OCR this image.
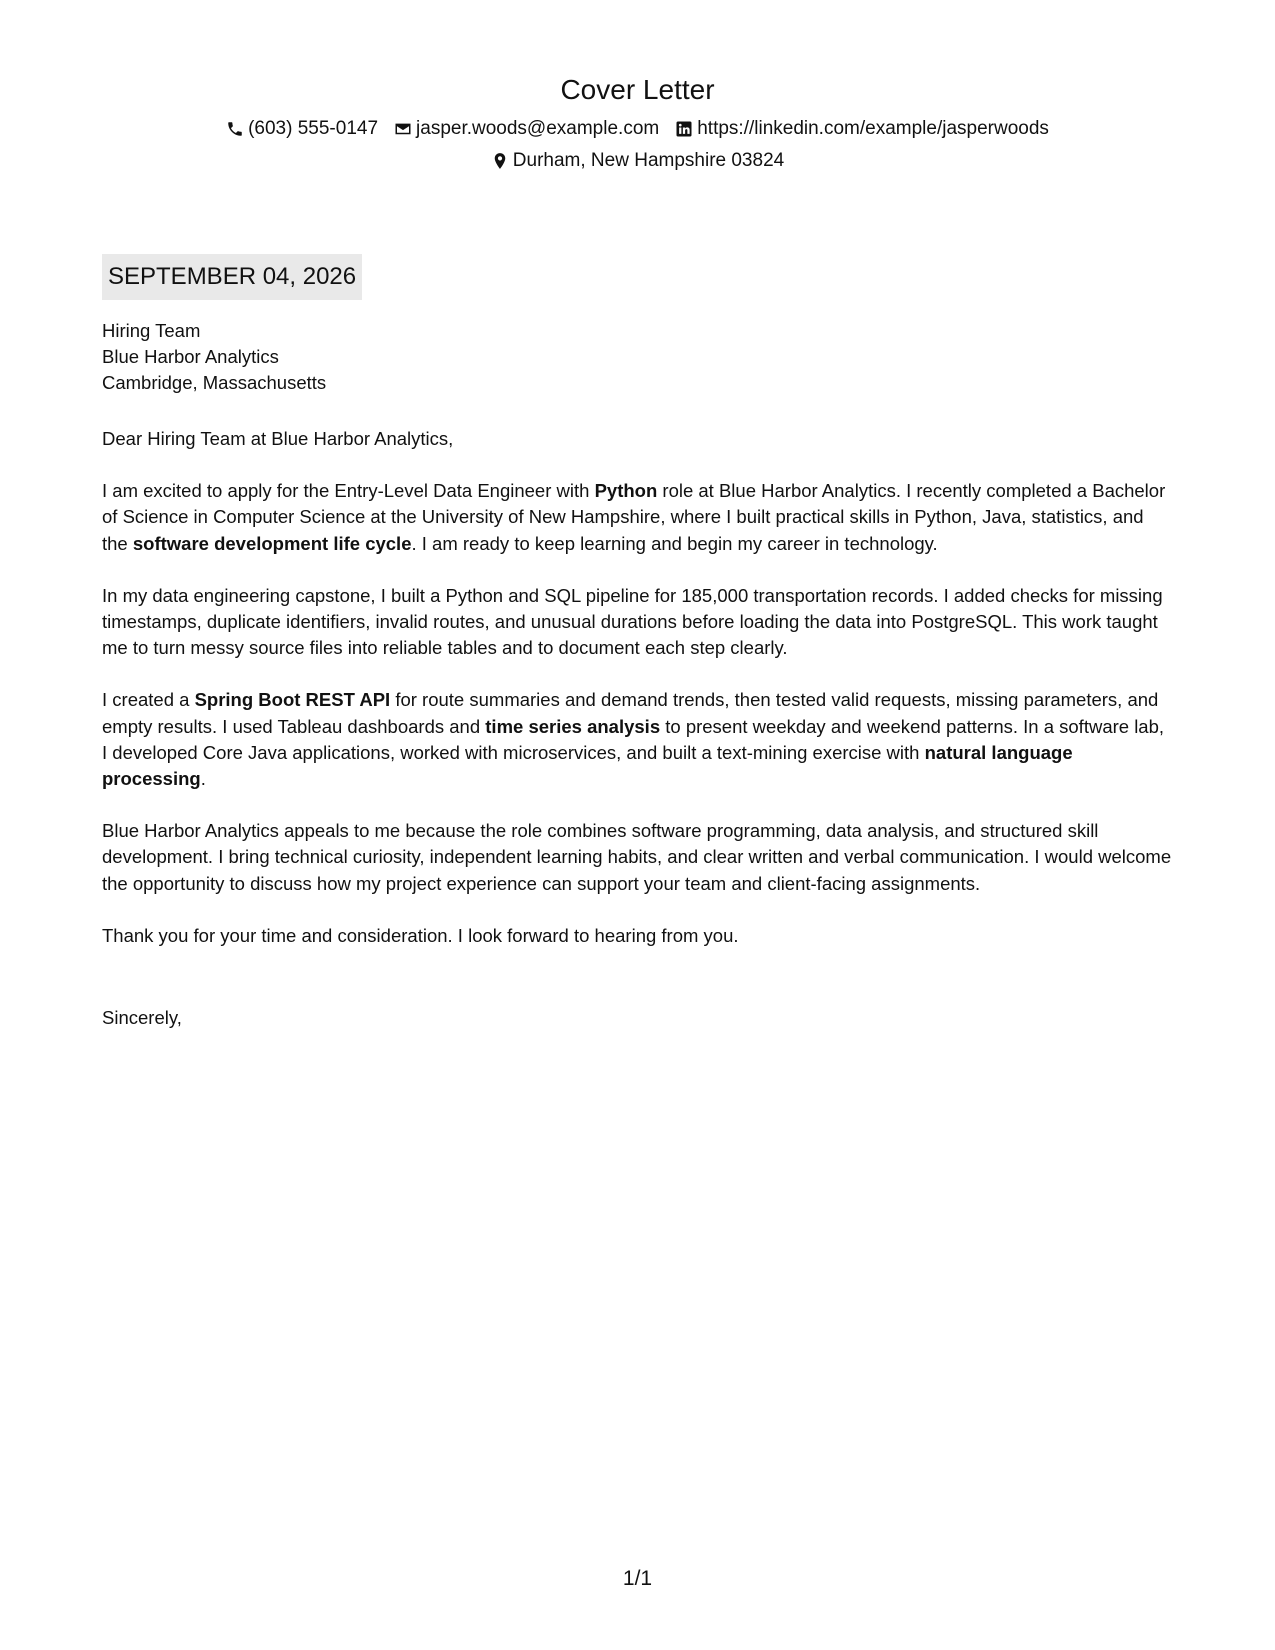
Cover Letter
(603) 555-0147 jasper.woods@example.com https://linkedin.com/example/jasperwoods
Durham, New Hampshire 03824
SEPTEMBER 04, 2026
Hiring Team
Blue Harbor Analytics
Cambridge, Massachusetts

Dear Hiring Team at Blue Harbor Analytics,

I am excited to apply for the Entry-Level Data Engineer with Python role at Blue Harbor Analytics. I recently completed a Bachelor of Science in Computer Science at the University of New Hampshire, where I built practical skills in Python, Java, statistics, and the software development life cycle. I am ready to keep learning and begin my career in technology.

In my data engineering capstone, I built a Python and SQL pipeline for 185,000 transportation records. I added checks for missing timestamps, duplicate identifiers, invalid routes, and unusual durations before loading the data into PostgreSQL. This work taught me to turn messy source files into reliable tables and to document each step clearly.

I created a Spring Boot REST API for route summaries and demand trends, then tested valid requests, missing parameters, and empty results. I used Tableau dashboards and time series analysis to present weekday and weekend patterns. In a software lab, I developed Core Java applications, worked with microservices, and built a text-mining exercise with natural language processing.

Blue Harbor Analytics appeals to me because the role combines software programming, data analysis, and structured skill development. I bring technical curiosity, independent learning habits, and clear written and verbal communication. I would welcome the opportunity to discuss how my project experience can support your team and client-facing assignments.

Thank you for your time and consideration. I look forward to hearing from you.

Sincerely,
1/1
